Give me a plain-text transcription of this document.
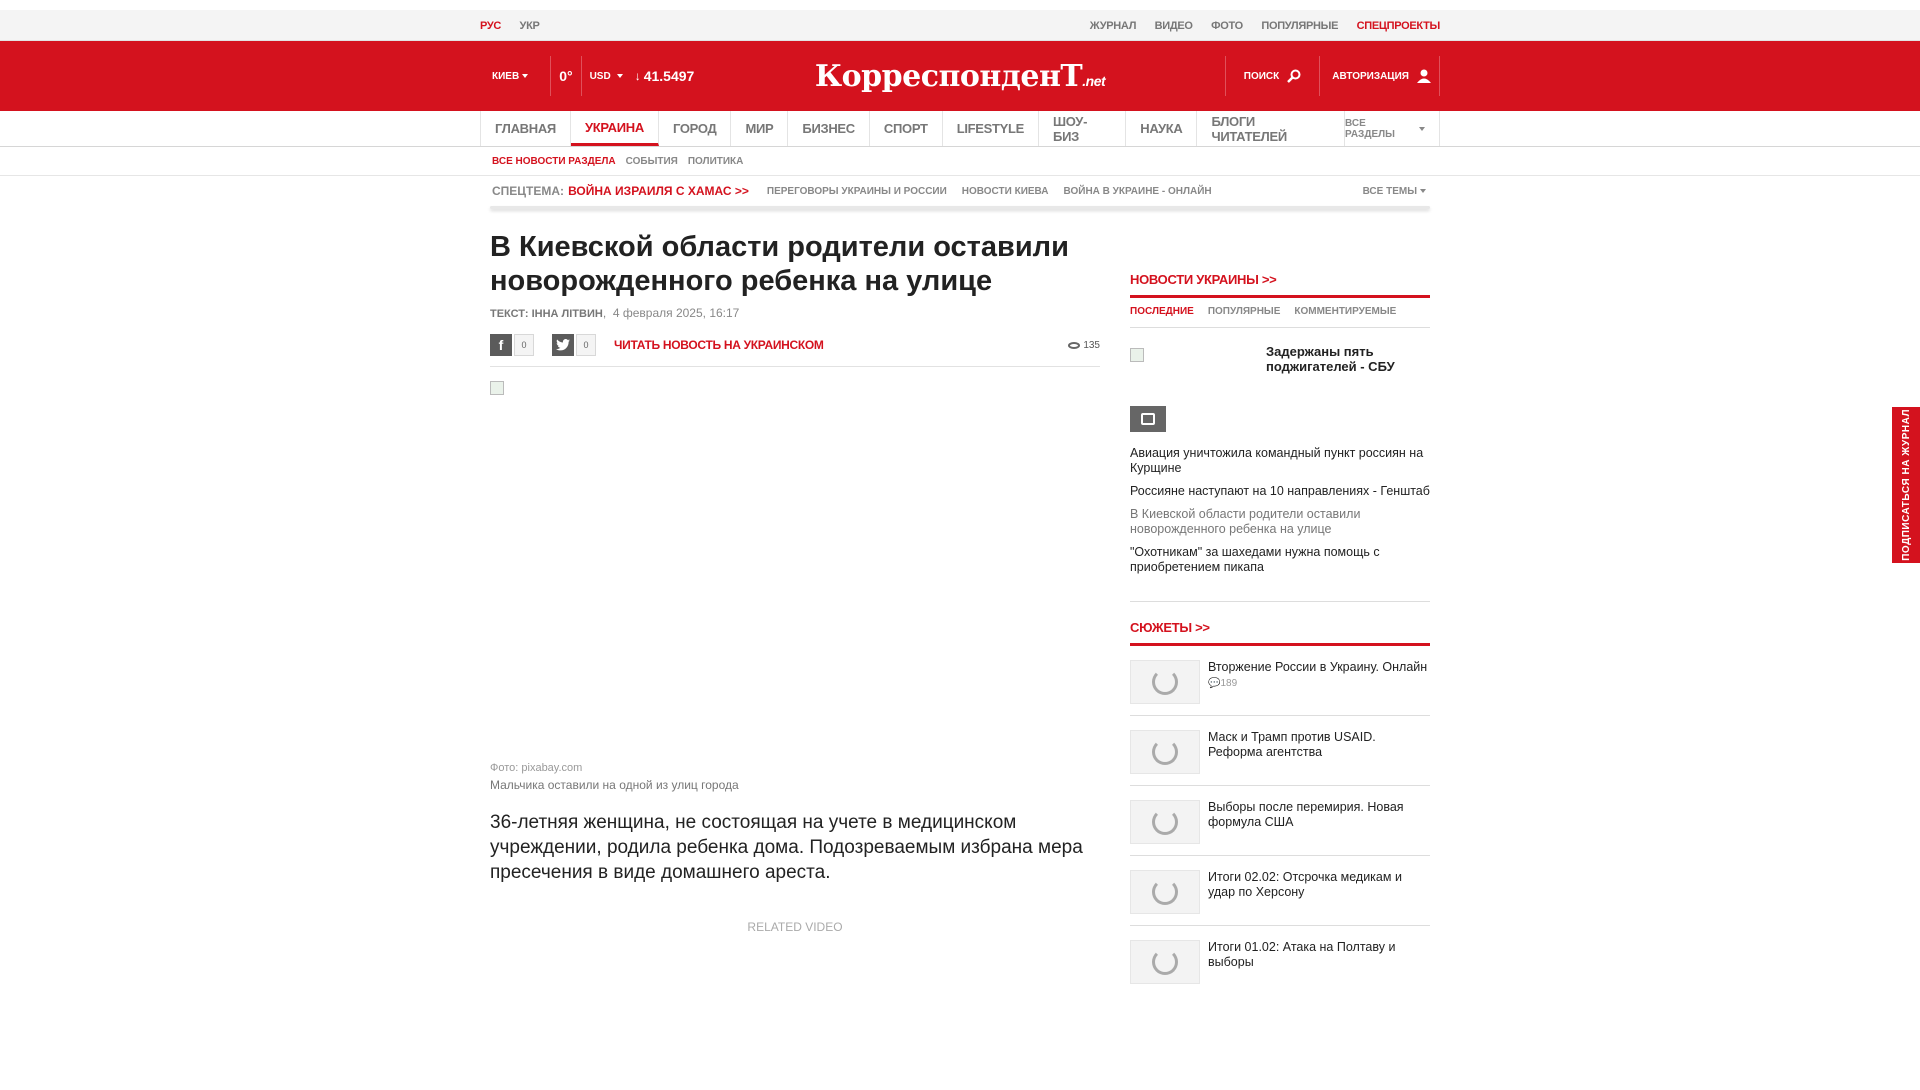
РУС УКР	ЖУРНАЛ ВИДЕО ФОТО ПОПУЛЯРНЫЕ СПЕЦПРОЕКТЫ
КИЕВ	0° USD ↓ 41.5497	КорреспонденТ.net	ПОИСК	АВТОРИЗАЦИЯ
ГЛАВНАЯ	УКРАИНА	ГОРОД	МИР	БИЗНЕС	СПОРТ	LIFESTYLE	ШОУ-БИЗ	НАУКА	БЛОГИ ЧИТАТЕЛЕЙ
ВСЕ РАЗДЕЛЫ
ВСЕ НОВОСТИ РАЗДЕЛА СОБЫТИЯ ПОЛИТИКА
СПЕЦТЕМА: ВОЙНА ИЗРАИЛЯ С ХАМАС >> ПЕРЕГОВОРЫ УКРАИНЫ И РОССИИ НОВОСТИ КИЕВА ВОЙНА В УКРАИНЕ - ОНЛАЙН	ВСЕ ТЕМЫ
В Киевской области родители оставили новорожденного ребенка на улице
ТЕКСТ: ІННА ЛІТВИН,  4 февраля 2025, 16:17
f	0	0	ЧИТАТЬ НОВОСТЬ НА УКРАИНСКОМ	135
Фото: pixabay.com
Мальчика оставили на одной из улиц города
36-летняя женщина, не состоящая на учете в медицинском учреждении, родила ребенка дома. Подозреваемым избрана мера пресечения в виде домашнего ареста.
RELATED VIDEO
НОВОСТИ УКРАИНЫ >>
ПОСЛЕДНИЕ ПОПУЛЯРНЫЕ КОММЕНТИРУЕМЫЕ
Задержаны пять поджигателей - СБУ
Авиация уничтожила командный пункт россиян на Курщине
Россияне наступают на 10 направлениях - Генштаб
В Киевской области родители оставили новорожденного ребенка на улице
"Охотникам" за шахедами нужна помощь с приобретением пикапа
СЮЖЕТЫ >>
Вторжение России в Украину. Онлайн 💬189
Маск и Трамп против USAID. Реформа агентства
Выборы после перемирия. Новая формула США
Итоги 02.02: Отсрочка медикам и удар по Херсону
Итоги 01.02: Атака на Полтаву и выборы
ПОДПИСАТЬСЯ НА ЖУРНАЛ
